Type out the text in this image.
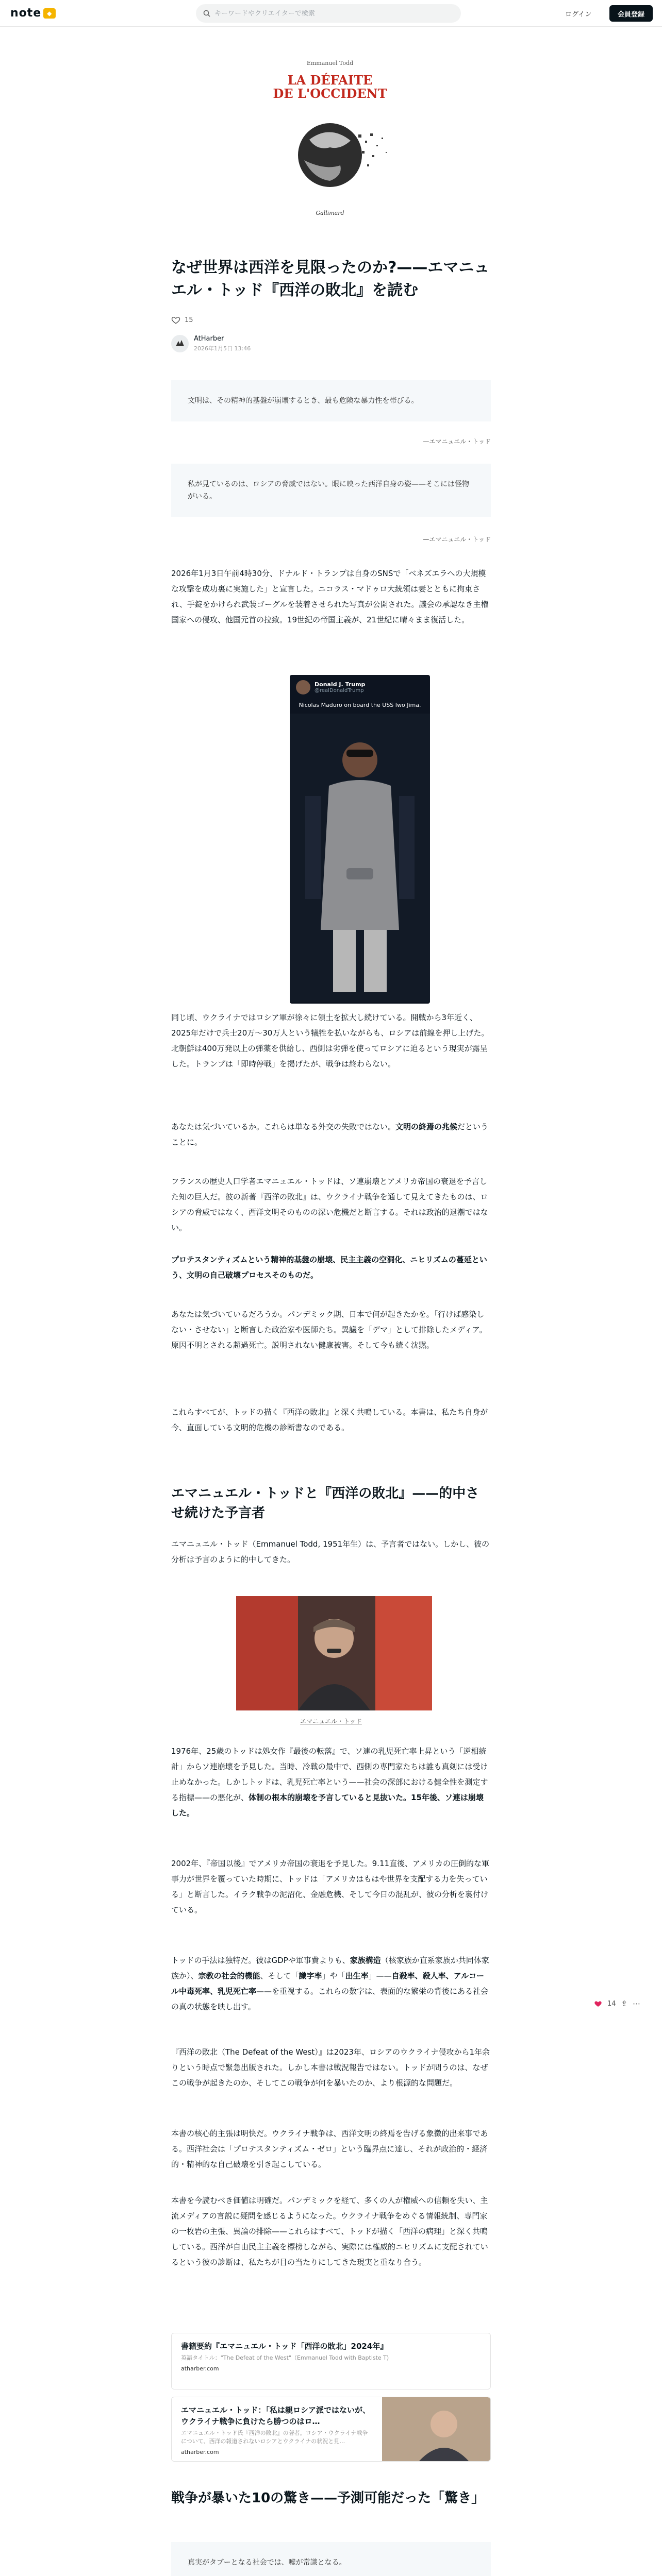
note ◆
キーワードやクリエイターで検索	ログイン	会員登録
Emmanuel Todd
LA DÉFAITE
DE L'OCCIDENT
Gallimard
なぜ世界は西洋を見限ったのか?——エマニュエル・トッド『西洋の敗北』を読む
15
AtHarber
2026年1月5日 13:46
文明は、その精神的基盤が崩壊するとき、最も危険な暴力性を帯びる。
—エマニュエル・トッド
私が見ているのは、ロシアの脅威ではない。眼に映った西洋自身の姿——そこには怪物がいる。
—エマニュエル・トッド

2026年1月3日午前4時30分、ドナルド・トランプは自身のSNSで「ベネズエラへの大規模な攻撃を成功裏に実施した」と宣言した。ニコラス・マドゥロ大統領は妻とともに拘束され、手錠をかけられ武装ゴーグルを装着させられた写真が公開された。議会の承認なき主権国家への侵攻、他国元首の拉致。19世紀の帝国主義が、21世紀に晴々まま復活した。

Donald J. Trump
@realDonaldTrump
Nicolas Maduro on board the USS Iwo Jima.

同じ頃、ウクライナではロシア軍が徐々に領土を拡大し続けている。開戦から3年近く、2025年だけで兵士20万〜30万人という犠牲を払いながらも、ロシアは前線を押し上げた。北朝鮮は400万発以上の弾薬を供給し、西側は劣弾を使ってロシアに迫るという現実が露呈した。トランプは「即時停戦」を掲げたが、戦争は終わらない。

あなたは気づいているか。これらは単なる外交の失敗ではない。文明の終焉の兆候だということに。

フランスの歴史人口学者エマニュエル・トッドは、ソ連崩壊とアメリカ帝国の衰退を予言した知の巨人だ。彼の新著『西洋の敗北』は、ウクライナ戦争を通して見えてきたものは、ロシアの脅威ではなく、西洋文明そのものの深い危機だと断言する。それは政治的退潮ではない。

プロテスタンティズムという精神的基盤の崩壊、民主主義の空洞化、ニヒリズムの蔓延という、文明の自己破壊プロセスそのものだ。

あなたは気づいているだろうか。パンデミック期、日本で何が起きたかを。「行けば感染しない・させない」と断言した政治家や医師たち。異議を「デマ」として排除したメディア。原因不明とされる超過死亡。説明されない健康被害。そして今も続く沈黙。

これらすべてが、トッドの描く『西洋の敗北』と深く共鳴している。本書は、私たち自身が今、直面している文明的危機の診断書なのである。

エマニュエル・トッドと『西洋の敗北』——的中させ続けた予言者

エマニュエル・トッド（Emmanuel Todd, 1951年生）は、予言者ではない。しかし、彼の分析は予言のように的中してきた。

エマニュエル・トッド

1976年、25歳のトッドは処女作『最後の転落』で、ソ連の乳児死亡率上昇という「逆相統計」からソ連崩壊を予見した。当時、冷戦の最中で、西側の専門家たちは誰も真剣には受け止めなかった。しかしトッドは、乳児死亡率という——社会の深部における健全性を測定する指標——の悪化が、体制の根本的崩壊を予言していると見抜いた。15年後、ソ連は崩壊した。

2002年、『帝国以後』でアメリカ帝国の衰退を予見した。9.11直後、アメリカの圧倒的な軍事力が世界を覆っていた時期に、トッドは「アメリカはもはや世界を支配する力を失っている」と断言した。イラク戦争の泥沼化、金融危機、そして今日の混乱が、彼の分析を裏付けている。

トッドの手法は独特だ。彼はGDPや軍事費よりも、家族構造（核家族か直系家族か共同体家族か）、宗教の社会的機能、そして「識字率」や「出生率」——自殺率、殺人率、アルコール中毒死率、乳児死亡率——を重視する。これらの数字は、表面的な繁栄の背後にある社会の真の状態を映し出す。

『西洋の敗北（The Defeat of the West）』は2023年、ロシアのウクライナ侵攻から1年余りという時点で緊急出版された。しかし本書は戦況報告ではない。トッドが問うのは、なぜこの戦争が起きたのか、そしてこの戦争が何を暴いたのか、より根源的な問題だ。

本書の核心的主張は明快だ。ウクライナ戦争は、西洋文明の終焉を告げる象徴的出来事である。西洋社会は「プロテスタンティズム・ゼロ」という臨界点に達し、それが政治的・経済的・精神的な自己破壊を引き起こしている。

本書を今読むべき価値は明確だ。パンデミックを経て、多くの人が権威への信頼を失い、主流メディアの言説に疑問を感じるようになった。ウクライナ戦争をめぐる情報統制、専門家の一枚岩の主張、異論の排除——これらはすべて、トッドが描く「西洋の病理」と深く共鳴している。西洋が自由民主主義を標榜しながら、実際には権威的ニヒリズムに支配されているという彼の診断は、私たちが目の当たりにしてきた現実と重なり合う。

書籍要約『エマニュエル・トッド「西洋の敗北」2024年』
英語タイトル："The Defeat of the West"（Emmanuel Todd with Baptiste T)
atharber.com
エマニュエル・トッド：「私は親ロシア派ではないが、ウクライナ戦争に負けたら勝つのはロ…
エマニュエル・トッド氏『西洋の敗北』の著者。ロシア・ウクライナ戦争について、西洋の報道されないロシアとウクライナの状況と見…
atharber.com
戦争が暴いた10の驚き——予測可能だった「驚き」
真実がタブーとなる社会では、嘘が常識となる。

14 ⇪ ⋯
